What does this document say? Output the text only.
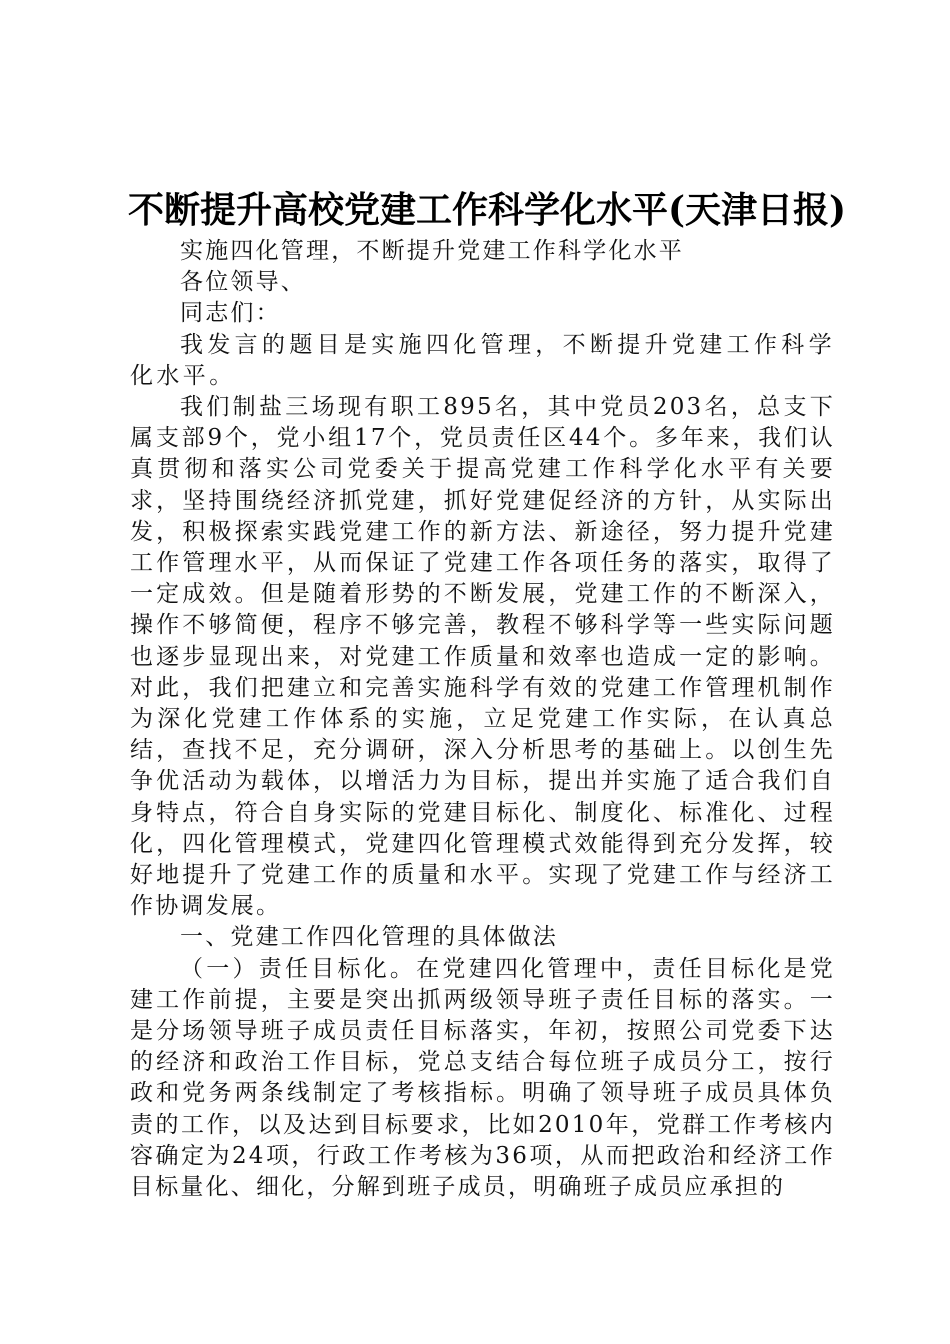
不断提升高校党建工作科学化水平(天津日报)

实施四化管理，不断提升党建工作科学化水平

各位领导、

同志们：

我发言的题目是实施四化管理，不断提升党建工作科学化水平。

我们制盐三场现有职工895名，其中党员203名，总支下属支部9个，党小组17个，党员责任区44个。多年来，我们认真贯彻和落实公司党委关于提高党建工作科学化水平有关要求，坚持围绕经济抓党建，抓好党建促经济的方针，从实际出发，积极探索实践党建工作的新方法、新途径，努力提升党建工作管理水平，从而保证了党建工作各项任务的落实，取得了一定成效。但是随着形势的不断发展，党建工作的不断深入，操作不够简便，程序不够完善，教程不够科学等一些实际问题也逐步显现出来，对党建工作质量和效率也造成一定的影响。对此，我们把建立和完善实施科学有效的党建工作管理机制作为深化党建工作体系的实施，立足党建工作实际，在认真总结，查找不足，充分调研，深入分析思考的基础上。以创生先争优活动为载体，以增活力为目标，提出并实施了适合我们自身特点，符合自身实际的党建目标化、制度化、标准化、过程化，四化管理模式，党建四化管理模式效能得到充分发挥，较好地提升了党建工作的质量和水平。实现了党建工作与经济工作协调发展。

一、党建工作四化管理的具体做法

（一）责任目标化。在党建四化管理中，责任目标化是党建工作前提，主要是突出抓两级领导班子责任目标的落实。一是分场领导班子成员责任目标落实，年初，按照公司党委下达的经济和政治工作目标，党总支结合每位班子成员分工，按行政和党务两条线制定了考核指标。明确了领导班子成员具体负责的工作，以及达到目标要求，比如2010年，党群工作考核内容确定为24项，行政工作考核为36项，从而把政治和经济工作目标量化、细化，分解到班子成员，明确班子成员应承担的
